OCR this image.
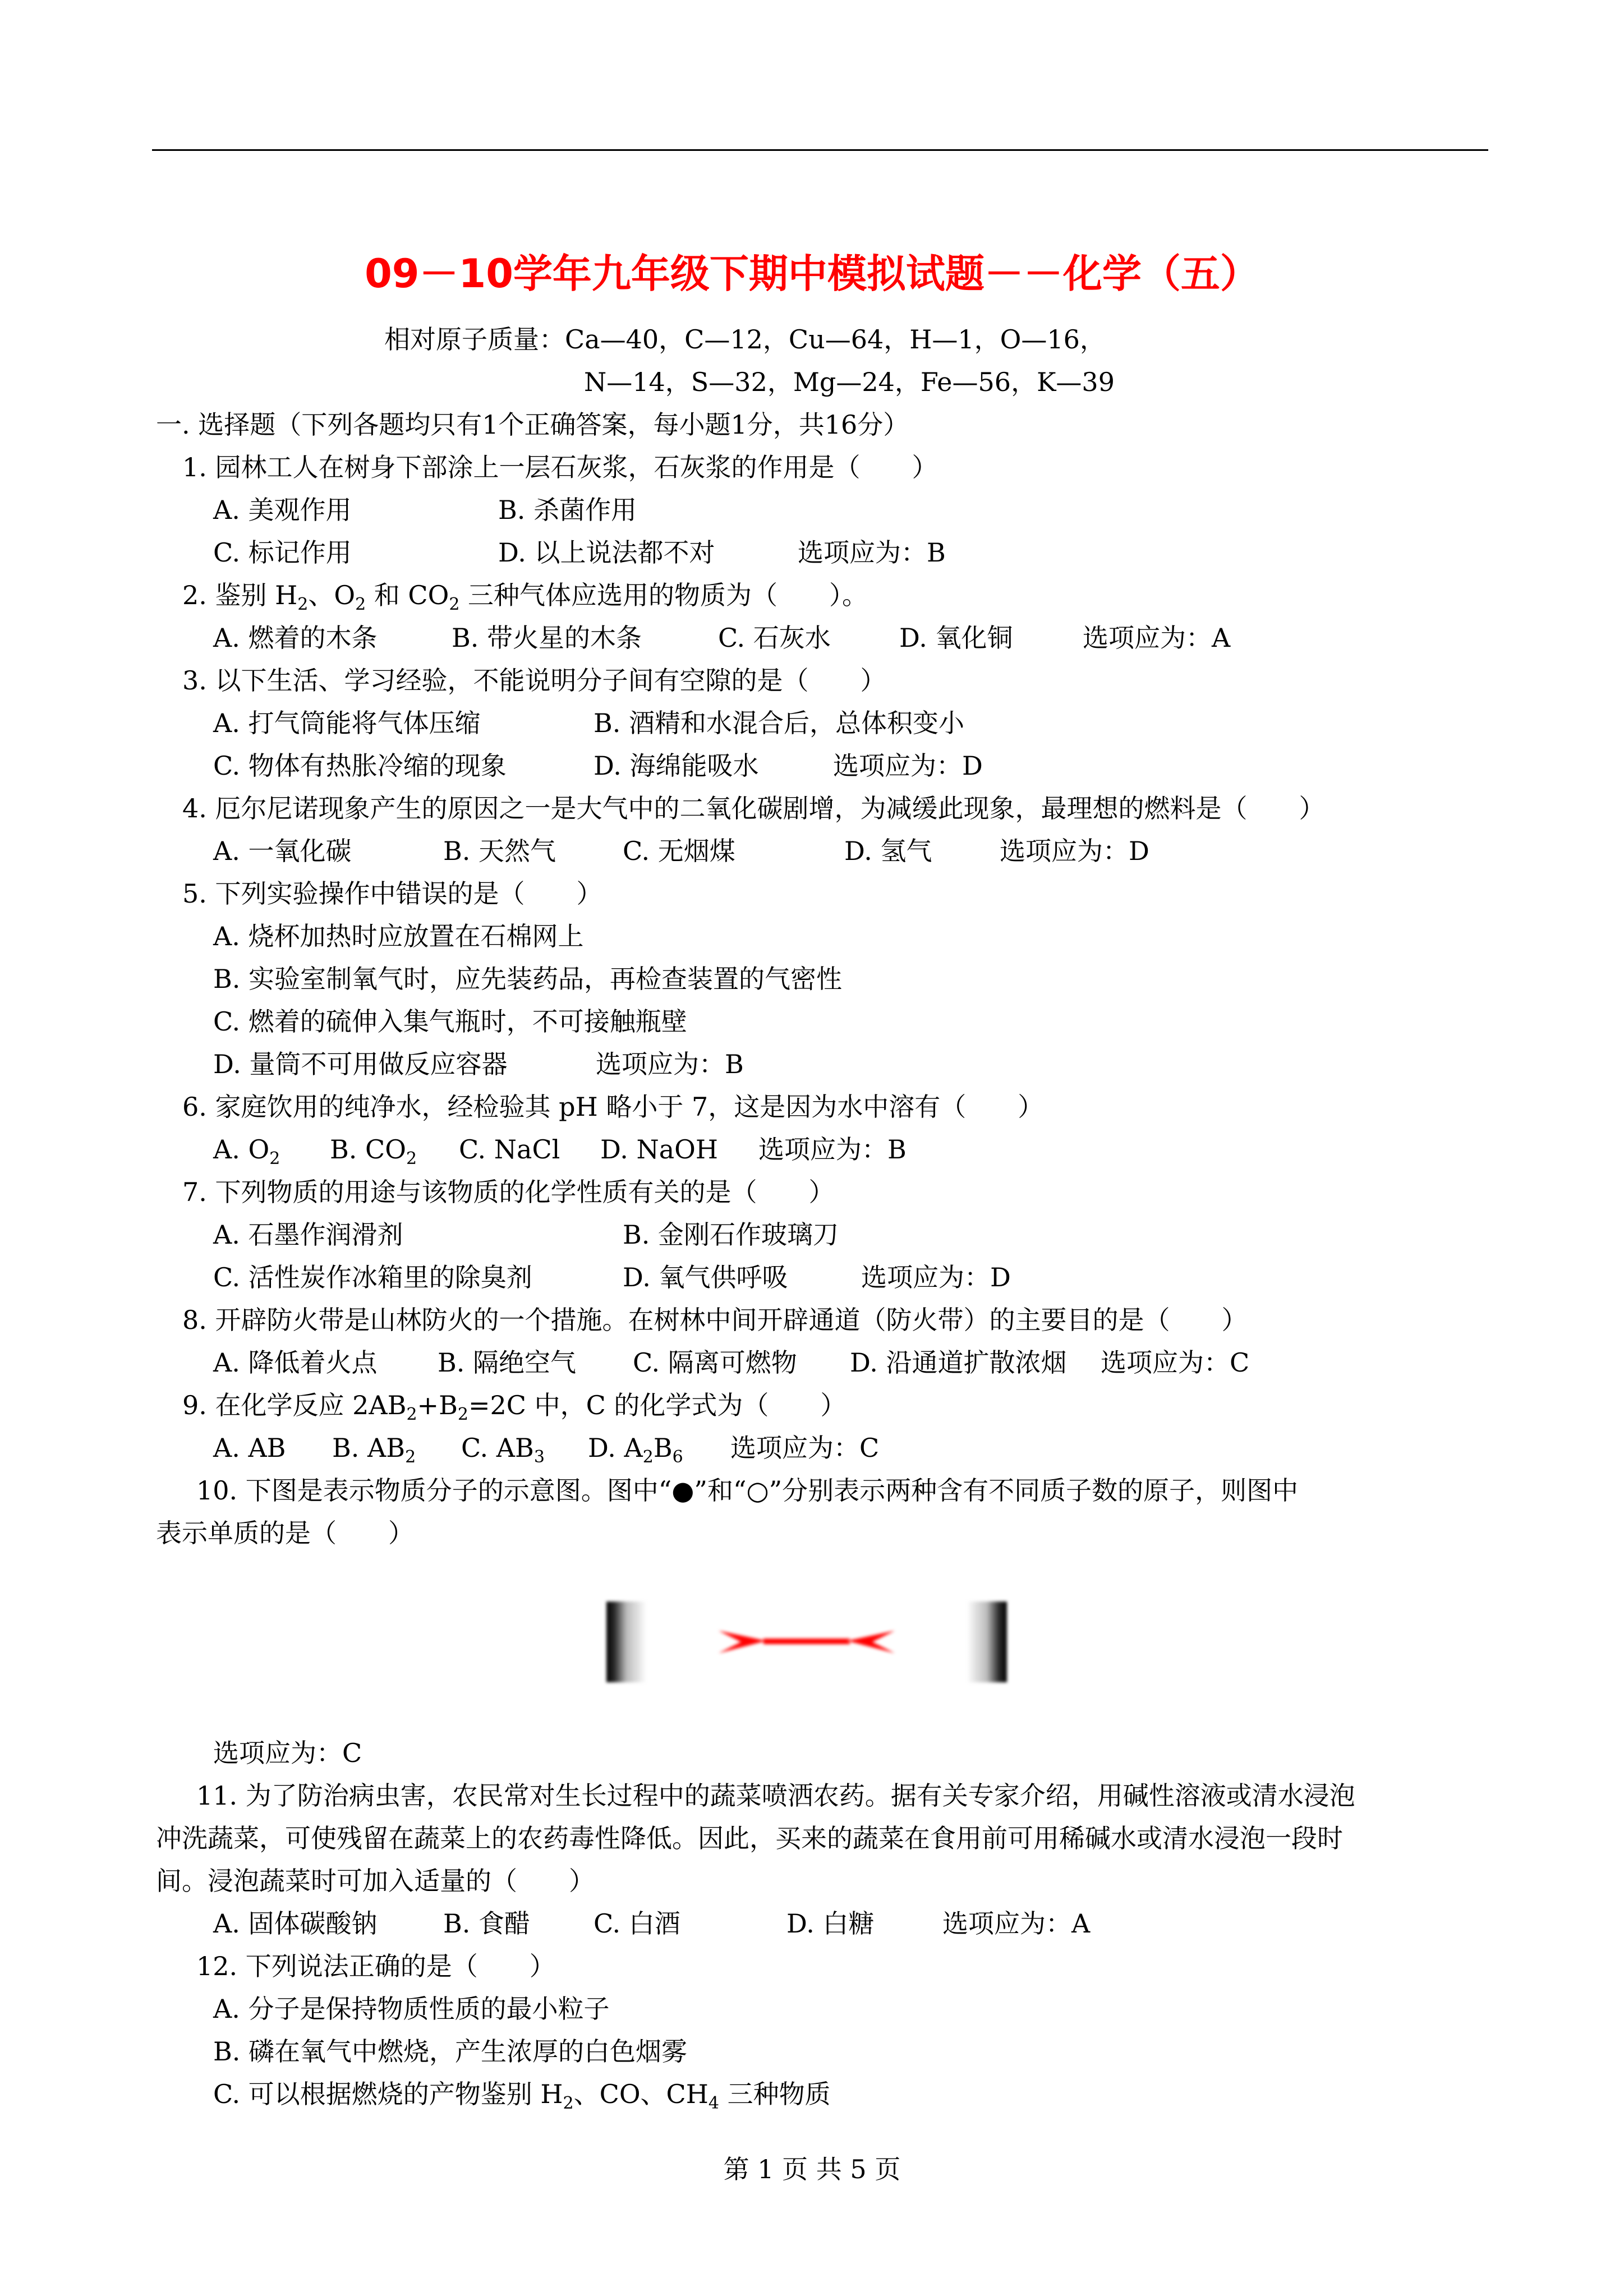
09－10学年九年级下期中模拟试题－－化学（五）
相对原子质量：Ca—40，C—12，Cu—64，H—1，O—16，
N—14，S—32，Mg—24，Fe—56，K—39
一. 选择题（下列各题均只有1个正确答案，每小题1分，共16分）
1. 园林工人在树身下部涂上一层石灰浆，石灰浆的作用是（　　）
A. 美观作用	B. 杀菌作用
C. 标记作用	D. 以上说法都不对	选项应为：B
2. 鉴别 $H_2$、$O_2$ 和 $CO_2$ 三种气体应选用的物质为（　　）。
A. 燃着的木条	B. 带火星的木条	C. 石灰水	D. 氧化铜	选项应为：A
3. 以下生活、学习经验，不能说明分子间有空隙的是（　　）
A. 打气筒能将气体压缩	B. 酒精和水混合后，总体积变小
C. 物体有热胀冷缩的现象	D. 海绵能吸水	选项应为：D
4. 厄尔尼诺现象产生的原因之一是大气中的二氧化碳剧增，为减缓此现象，最理想的燃料是（　　）
A. 一氧化碳	B. 天然气	C. 无烟煤	D. 氢气	选项应为：D
5. 下列实验操作中错误的是（　　）
A. 烧杯加热时应放置在石棉网上
B. 实验室制氧气时，应先装药品，再检查装置的气密性
C. 燃着的硫伸入集气瓶时，不可接触瓶壁
D. 量筒不可用做反应容器	选项应为：B
6. 家庭饮用的纯净水，经检验其 pH 略小于 7，这是因为水中溶有（　　）
A. $O_2$ B. $CO_2$ C. NaCl D. NaOH 选项应为：B
7. 下列物质的用途与该物质的化学性质有关的是（　　）
A. 石墨作润滑剂	B. 金刚石作玻璃刀
C. 活性炭作冰箱里的除臭剂	D. 氧气供呼吸	选项应为：D
8. 开辟防火带是山林防火的一个措施。在树林中间开辟通道（防火带）的主要目的是（　　）
A. 降低着火点 B. 隔绝空气 C. 隔离可燃物 D. 沿通道扩散浓烟 选项应为：C
9. 在化学反应 $2AB_2+B_2=2C$ 中，C 的化学式为（　　）
A. AB B. $AB_2$ C. $AB_3$ D. $A_2B_6$ 选项应为：C
10. 下图是表示物质分子的示意图。图中“●”和“○”分别表示两种含有不同质子数的原子，则图中
表示单质的是（　　）
选项应为：C
11. 为了防治病虫害，农民常对生长过程中的蔬菜喷洒农药。据有关专家介绍，用碱性溶液或清水浸泡
冲洗蔬菜，可使残留在蔬菜上的农药毒性降低。因此，买来的蔬菜在食用前可用稀碱水或清水浸泡一段时
间。浸泡蔬菜时可加入适量的（　　）
A. 固体碳酸钠	B. 食醋 C. 白酒	D. 白糖	选项应为：A
12. 下列说法正确的是（　　）
A. 分子是保持物质性质的最小粒子
B. 磷在氧气中燃烧，产生浓厚的白色烟雾
C. 可以根据燃烧的产物鉴别 $H_2$、CO、$CH_4$ 三种物质
第 1 页 共 5 页
